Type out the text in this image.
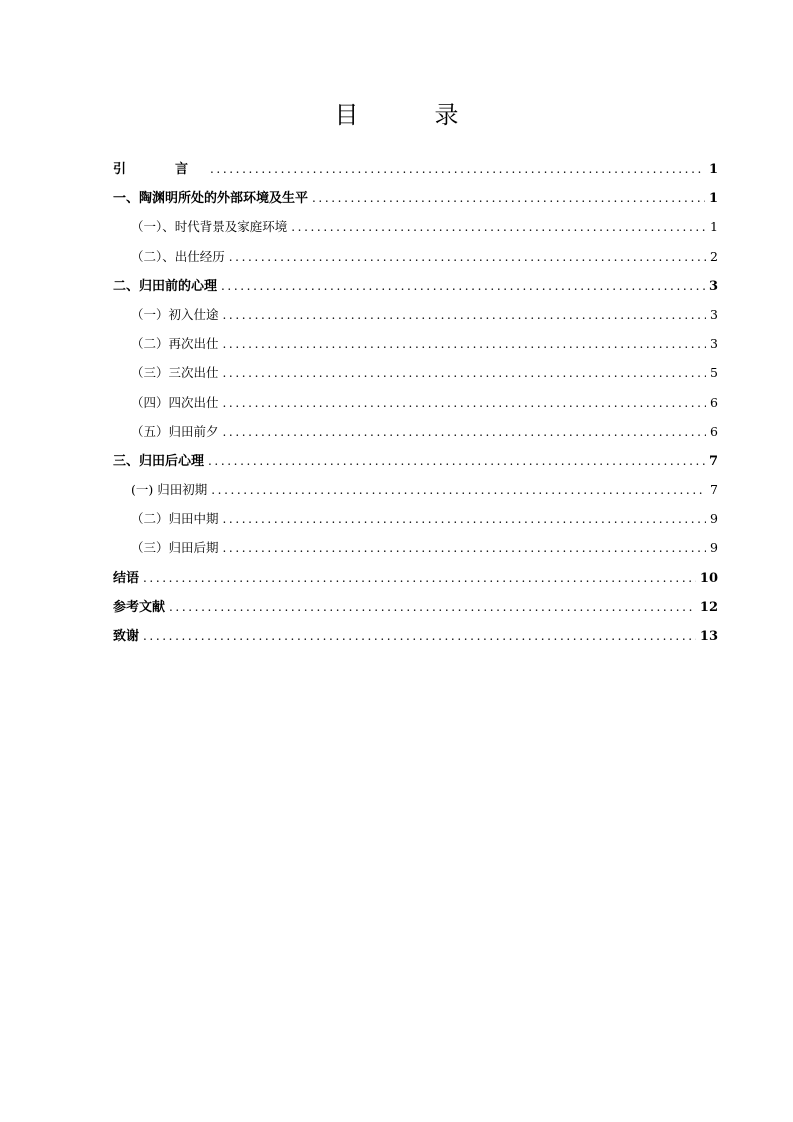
目　录
引　言 .....	1
一、陶渊明所处的外部环境及生平 .....	1
（一）、时代背景及家庭环境 .....	1
（二）、出仕经历 .....	2
二、归田前的心理 .....	3
（一）初入仕途 .....	3
（二）再次出仕 .....	3
（三）三次出仕 .....	5
（四）四次出仕 .....	6
（五）归田前夕 .....	6
三、归田后心理 .....	7
(一) 归田初期 .....	7
（二）归田中期 .....	9
（三）归田后期 .....	9
结语 .....	10
参考文献 .....	12
致谢 .....	13
